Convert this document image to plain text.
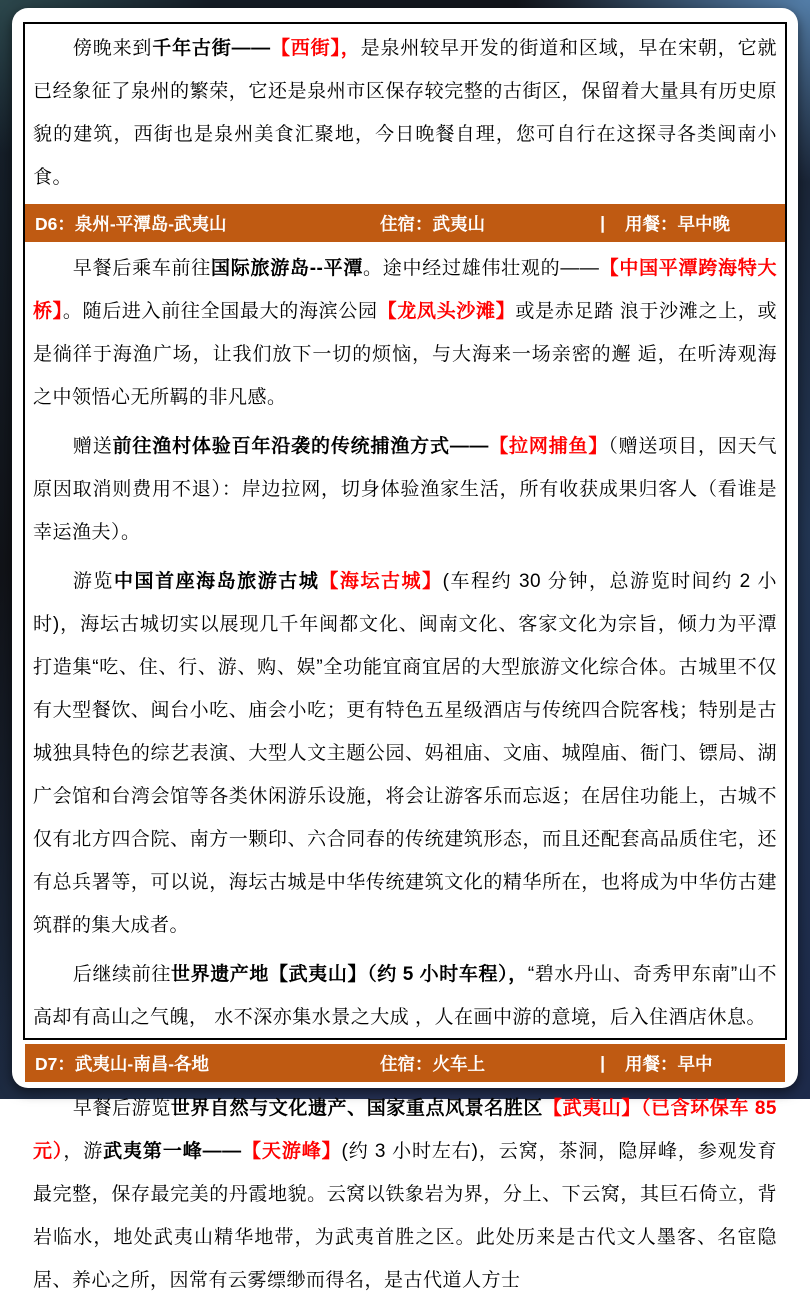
傍晚来到千年古街——【西街】，是泉州较早开发的街道和区域，早在宋朝，它就已经象征了泉州的繁荣，它还是泉州市区保存较完整的古街区，保留着大量具有历史原貌的建筑，西街也是泉州美食汇聚地，今日晚餐自理，您可自行在这探寻各类闽南小食。

D6：泉州-平潭岛-武夷山	住宿：武夷山	| 用餐：早中晚

早餐后乘车前往国际旅游岛--平潭。途中经过雄伟壮观的——【中国平潭跨海特大桥】。随后进入前往全国最大的海滨公园【龙凤头沙滩】或是赤足踏 浪于沙滩之上，或是徜徉于海渔广场，让我们放下一切的烦恼，与大海来一场亲密的邂 逅，在听涛观海之中领悟心无所羁的非凡感。

赠送前往渔村体验百年沿袭的传统捕渔方式——【拉网捕鱼】（赠送项目，因天气原因取消则费用不退）：岸边拉网，切身体验渔家生活，所有收获成果归客人（看谁是幸运渔夫）。

游览中国首座海岛旅游古城【海坛古城】(车程约 30 分钟，总游览时间约 2 小时)，海坛古城切实以展现几千年闽都文化、闽南文化、客家文化为宗旨，倾力为平潭打造集“吃、住、行、游、购、娱”全功能宜商宜居的大型旅游文化综合体。古城里不仅有大型餐饮、闽台小吃、庙会小吃；更有特色五星级酒店与传统四合院客栈；特别是古城独具特色的综艺表演、大型人文主题公园、妈祖庙、文庙、城隍庙、衙门、镖局、湖广会馆和台湾会馆等各类休闲游乐设施，将会让游客乐而忘返；在居住功能上，古城不仅有北方四合院、南方一颗印、六合同春的传统建筑形态，而且还配套高品质住宅，还有总兵署等，可以说，海坛古城是中华传统建筑文化的精华所在，也将成为中华仿古建筑群的集大成者。

后继续前往世界遗产地【武夷山】（约 5 小时车程），“碧水丹山、奇秀甲东南”山不高却有高山之气魄， 水不深亦集水景之大成 ，人在画中游的意境，后入住酒店休息。

D7：武夷山-南昌-各地	住宿：火车上	| 用餐：早中

早餐后游览世界自然与文化遗产、国家重点风景名胜区【武夷山】（已含环保车 85 元），游武夷第一峰——【天游峰】(约 3 小时左右)，云窝，茶洞，隐屏峰，参观发育最完整，保存最完美的丹霞地貌。云窝以铁象岩为界，分上、下云窝，其巨石倚立，背岩临水，地处武夷山精华地带，为武夷首胜之区。此处历来是古代文人墨客、名宦隐居、养心之所，因常有云雾缥缈而得名，是古代道人方士
